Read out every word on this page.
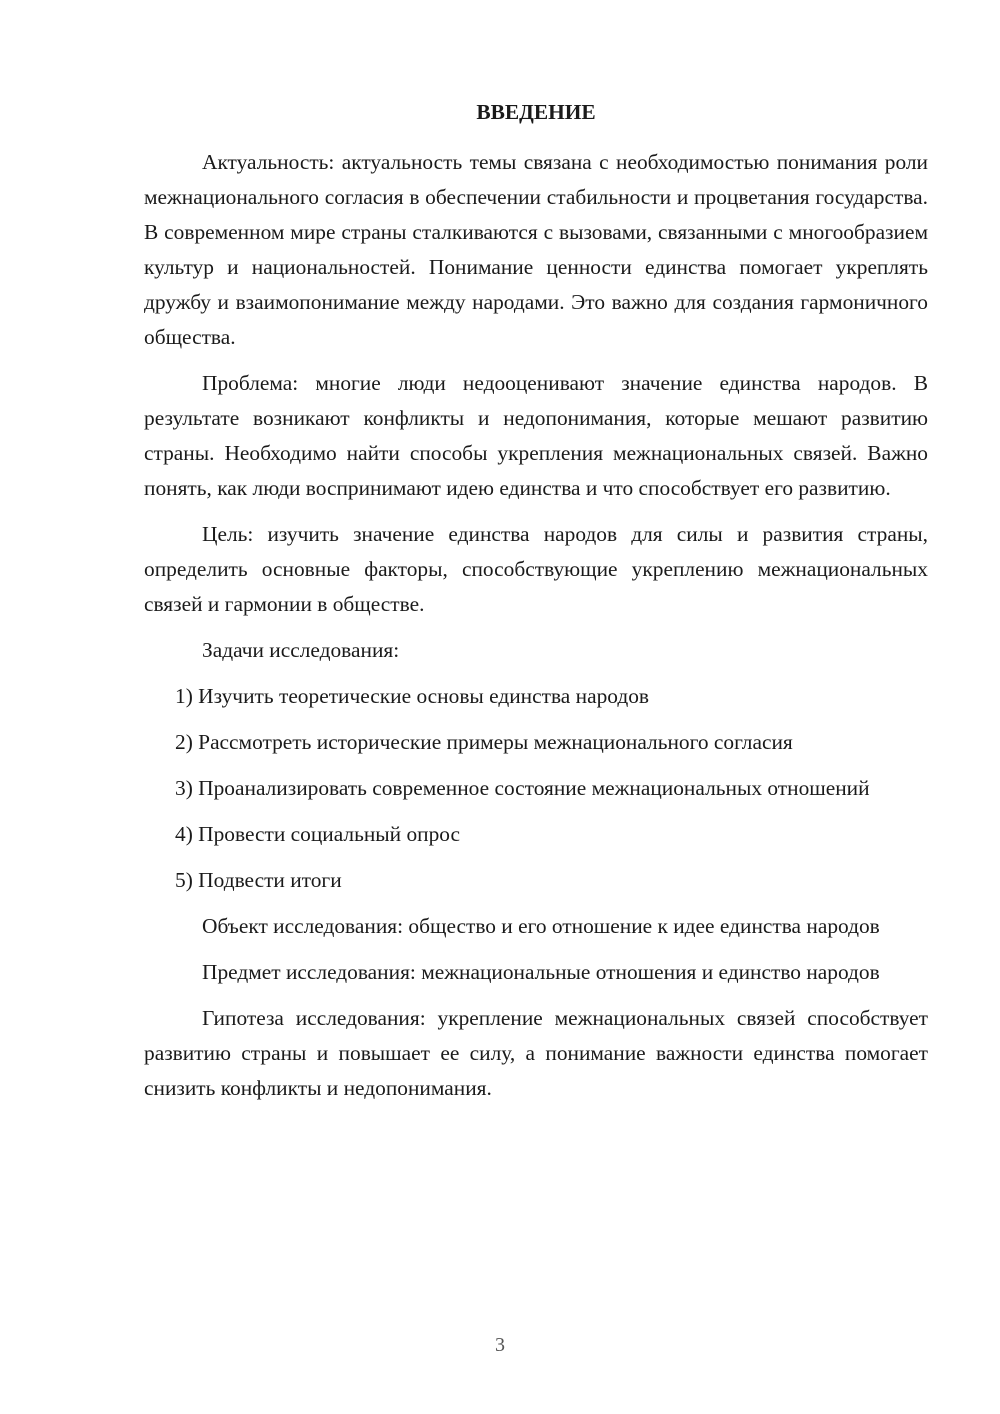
ВВЕДЕНИЕ

Актуальность: актуальность темы связана с необходимостью понимания роли межнационального согласия в обеспечении стабильности и процветания государства. В современном мире страны сталкиваются с вызовами, связанными с многообразием культур и национальностей. Понимание ценности единства помогает укреплять дружбу и взаимопонимание между народами. Это важно для создания гармоничного общества.

Проблема: многие люди недооценивают значение единства народов. В результате возникают конфликты и недопонимания, которые мешают развитию страны. Необходимо найти способы укрепления межнациональных связей. Важно понять, как люди воспринимают идею единства и что способствует его развитию.

Цель: изучить значение единства народов для силы и развития страны, определить основные факторы, способствующие укреплению межнациональных связей и гармонии в обществе.

Задачи исследования:

1) Изучить теоретические основы единства народов

2) Рассмотреть исторические примеры межнационального согласия

3) Проанализировать современное состояние межнациональных отношений

4) Провести социальный опрос

5) Подвести итоги

Объект исследования: общество и его отношение к идее единства народов

Предмет исследования: межнациональные отношения и единство народов

Гипотеза исследования: укрепление межнациональных связей способствует развитию страны и повышает ее силу, а понимание важности единства помогает снизить конфликты и недопонимания.

3
